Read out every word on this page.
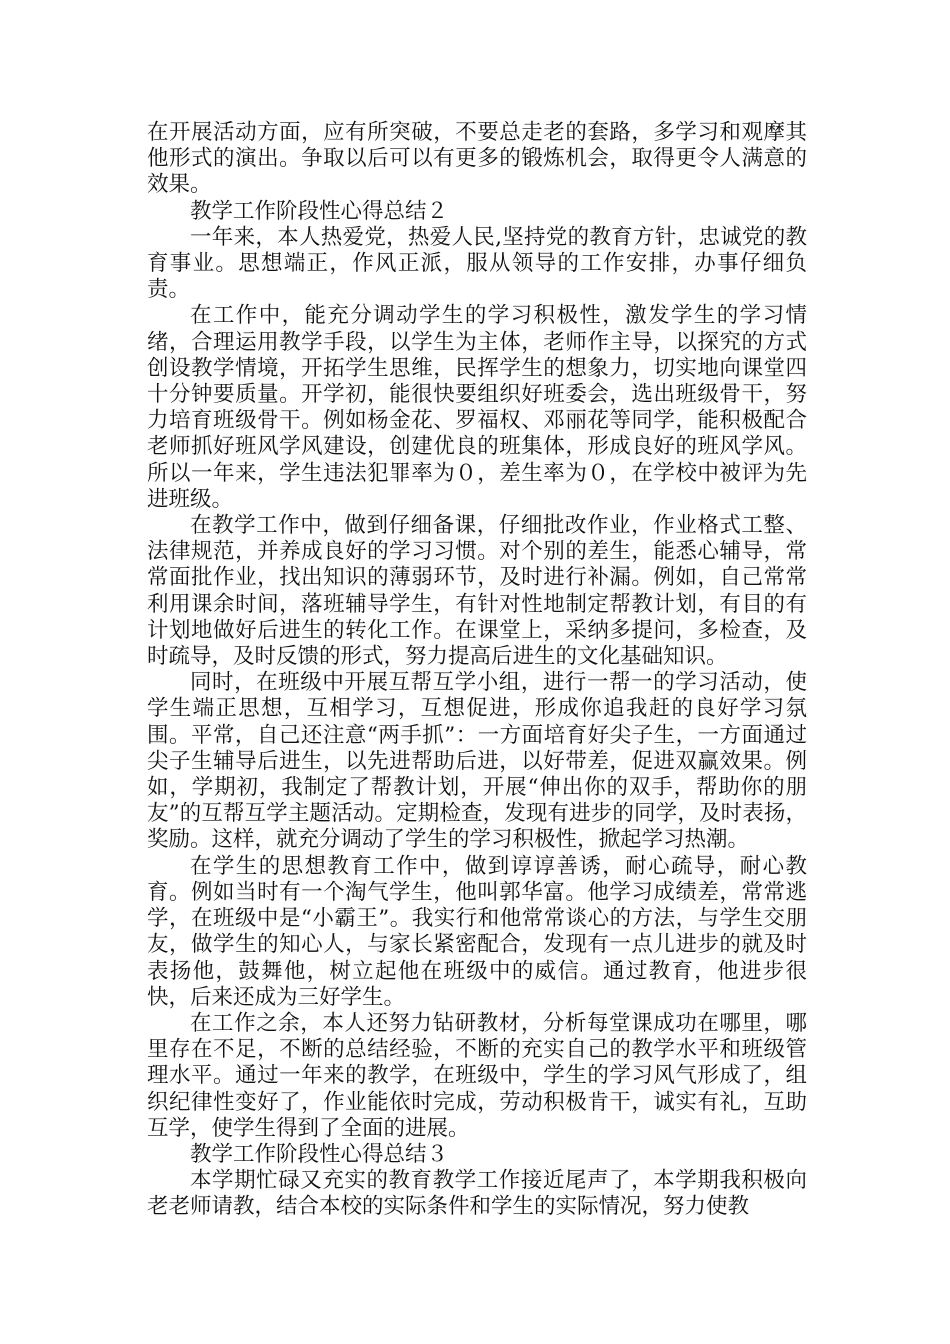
在开展活动方面，应有所突破，不要总走老的套路，多学习和观摩其他形式的演出。争取以后可以有更多的锻炼机会，取得更令人满意的效果。

教学工作阶段性心得总结２

一年来，本人热爱党，热爱人民,坚持党的教育方针，忠诚党的教育事业。思想端正，作风正派，服从领导的工作安排，办事仔细负责。

在工作中，能充分调动学生的学习积极性，激发学生的学习情绪，合理运用教学手段，以学生为主体，老师作主导，以探究的方式创设教学情境，开拓学生思维，民挥学生的想象力，切实地向课堂四十分钟要质量。开学初，能很快要组织好班委会，选出班级骨干，努力培育班级骨干。例如杨金花、罗福权、邓丽花等同学，能积极配合老师抓好班风学风建设，创建优良的班集体，形成良好的班风学风。所以一年来，学生违法犯罪率为０，差生率为０，在学校中被评为先进班级。

在教学工作中，做到仔细备课，仔细批改作业，作业格式工整、法律规范，并养成良好的学习习惯。对个别的差生，能悉心辅导，常常面批作业，找出知识的薄弱环节，及时进行补漏。例如，自己常常利用课余时间，落班辅导学生，有针对性地制定帮教计划，有目的有计划地做好后进生的转化工作。在课堂上，采纳多提问，多检查，及时疏导，及时反馈的形式，努力提高后进生的文化基础知识。

同时，在班级中开展互帮互学小组，进行一帮一的学习活动，使学生端正思想，互相学习，互想促进，形成你追我赶的良好学习氛围。平常，自己还注意“两手抓”：一方面培育好尖子生，一方面通过尖子生辅导后进生，以先进帮助后进，以好带差，促进双赢效果。例如，学期初，我制定了帮教计划，开展“伸出你的双手，帮助你的朋友”的互帮互学主题活动。定期检查，发现有进步的同学，及时表扬，奖励。这样，就充分调动了学生的学习积极性，掀起学习热潮。

在学生的思想教育工作中，做到谆谆善诱，耐心疏导，耐心教育。例如当时有一个淘气学生，他叫郭华富。他学习成绩差，常常逃学，在班级中是“小霸王”。我实行和他常常谈心的方法，与学生交朋友，做学生的知心人，与家长紧密配合，发现有一点儿进步的就及时表扬他，鼓舞他，树立起他在班级中的威信。通过教育，他进步很快，后来还成为三好学生。

在工作之余，本人还努力钻研教材，分析每堂课成功在哪里，哪里存在不足，不断的总结经验，不断的充实自己的教学水平和班级管理水平。通过一年来的教学，在班级中，学生的学习风气形成了，组织纪律性变好了，作业能依时完成，劳动积极肯干，诚实有礼，互助互学，使学生得到了全面的进展。

教学工作阶段性心得总结３

本学期忙碌又充实的教育教学工作接近尾声了，本学期我积极向老老师请教，结合本校的实际条件和学生的实际情况，努力使教
